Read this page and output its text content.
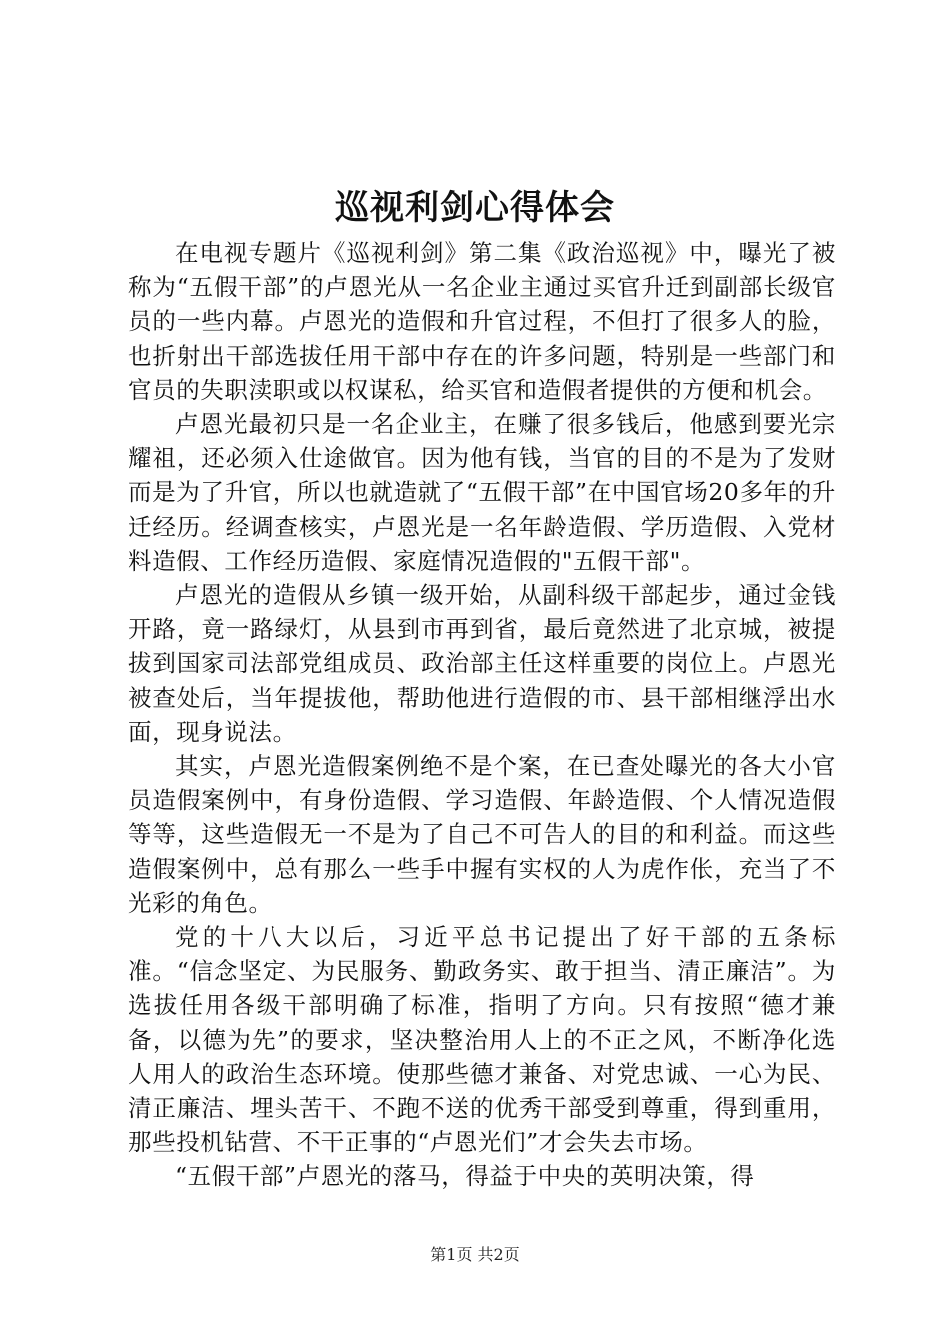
巡视利剑心得体会

在电视专题片《巡视利剑》第二集《政治巡视》中，曝光了被称为“五假干部”的卢恩光从一名企业主通过买官升迁到副部长级官员的一些内幕。卢恩光的造假和升官过程，不但打了很多人的脸，也折射出干部选拔任用干部中存在的许多问题，特别是一些部门和官员的失职渎职或以权谋私，给买官和造假者提供的方便和机会。

卢恩光最初只是一名企业主，在赚了很多钱后，他感到要光宗耀祖，还必须入仕途做官。因为他有钱，当官的目的不是为了发财而是为了升官，所以也就造就了“五假干部”在中国官场20多年的升迁经历。经调查核实，卢恩光是一名年龄造假、学历造假、入党材料造假、工作经历造假、家庭情况造假的"五假干部"。

卢恩光的造假从乡镇一级开始，从副科级干部起步，通过金钱开路，竟一路绿灯，从县到市再到省，最后竟然进了北京城，被提拔到国家司法部党组成员、政治部主任这样重要的岗位上。卢恩光被查处后，当年提拔他，帮助他进行造假的市、县干部相继浮出水面，现身说法。

其实，卢恩光造假案例绝不是个案，在已查处曝光的各大小官员造假案例中，有身份造假、学习造假、年龄造假、个人情况造假等等，这些造假无一不是为了自己不可告人的目的和利益。而这些造假案例中，总有那么一些手中握有实权的人为虎作伥，充当了不光彩的角色。

党的十八大以后，习近平总书记提出了好干部的五条标准。“信念坚定、为民服务、勤政务实、敢于担当、清正廉洁”。为选拔任用各级干部明确了标准，指明了方向。只有按照“德才兼备，以德为先”的要求，坚决整治用人上的不正之风，不断净化选人用人的政治生态环境。使那些德才兼备、对党忠诚、一心为民、清正廉洁、埋头苦干、不跑不送的优秀干部受到尊重，得到重用，那些投机钻营、不干正事的“卢恩光们”才会失去市场。

“五假干部”卢恩光的落马，得益于中央的英明决策，得

第1页 共2页
